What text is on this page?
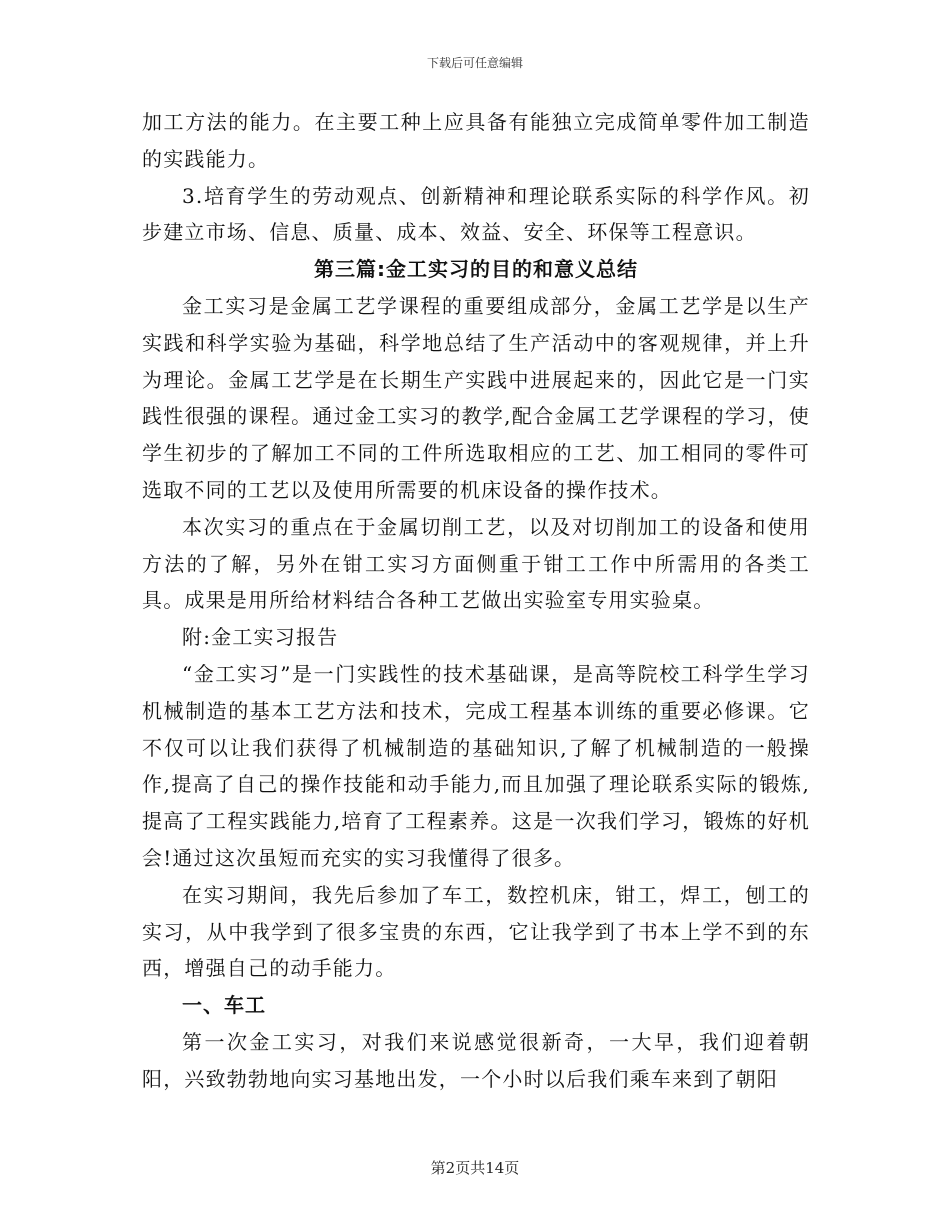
下载后可任意编辑

加工方法的能力。在主要工种上应具备有能独立完成简单零件加工制造的实践能力。

3.培育学生的劳动观点、创新精神和理论联系实际的科学作风。初步建立市场、信息、质量、成本、效益、安全、环保等工程意识。

第三篇:金工实习的目的和意义总结

金工实习是金属工艺学课程的重要组成部分，金属工艺学是以生产实践和科学实验为基础，科学地总结了生产活动中的客观规律，并上升为理论。金属工艺学是在长期生产实践中进展起来的，因此它是一门实践性很强的课程。通过金工实习的教学,配合金属工艺学课程的学习，使学生初步的了解加工不同的工件所选取相应的工艺、加工相同的零件可选取不同的工艺以及使用所需要的机床设备的操作技术。

本次实习的重点在于金属切削工艺，以及对切削加工的设备和使用方法的了解，另外在钳工实习方面侧重于钳工工作中所需用的各类工具。成果是用所给材料结合各种工艺做出实验室专用实验桌。

附:金工实习报告

“金工实习”是一门实践性的技术基础课，是高等院校工科学生学习机械制造的基本工艺方法和技术，完成工程基本训练的重要必修课。它不仅可以让我们获得了机械制造的基础知识,了解了机械制造的一般操作,提高了自己的操作技能和动手能力,而且加强了理论联系实际的锻炼,提高了工程实践能力,培育了工程素养。这是一次我们学习，锻炼的好机会!通过这次虽短而充实的实习我懂得了很多。

在实习期间，我先后参加了车工，数控机床，钳工，焊工，刨工的实习，从中我学到了很多宝贵的东西，它让我学到了书本上学不到的东西，增强自己的动手能力。

一、车工

第一次金工实习，对我们来说感觉很新奇，一大早，我们迎着朝阳，兴致勃勃地向实习基地出发，一个小时以后我们乘车来到了朝阳

第2页共14页
